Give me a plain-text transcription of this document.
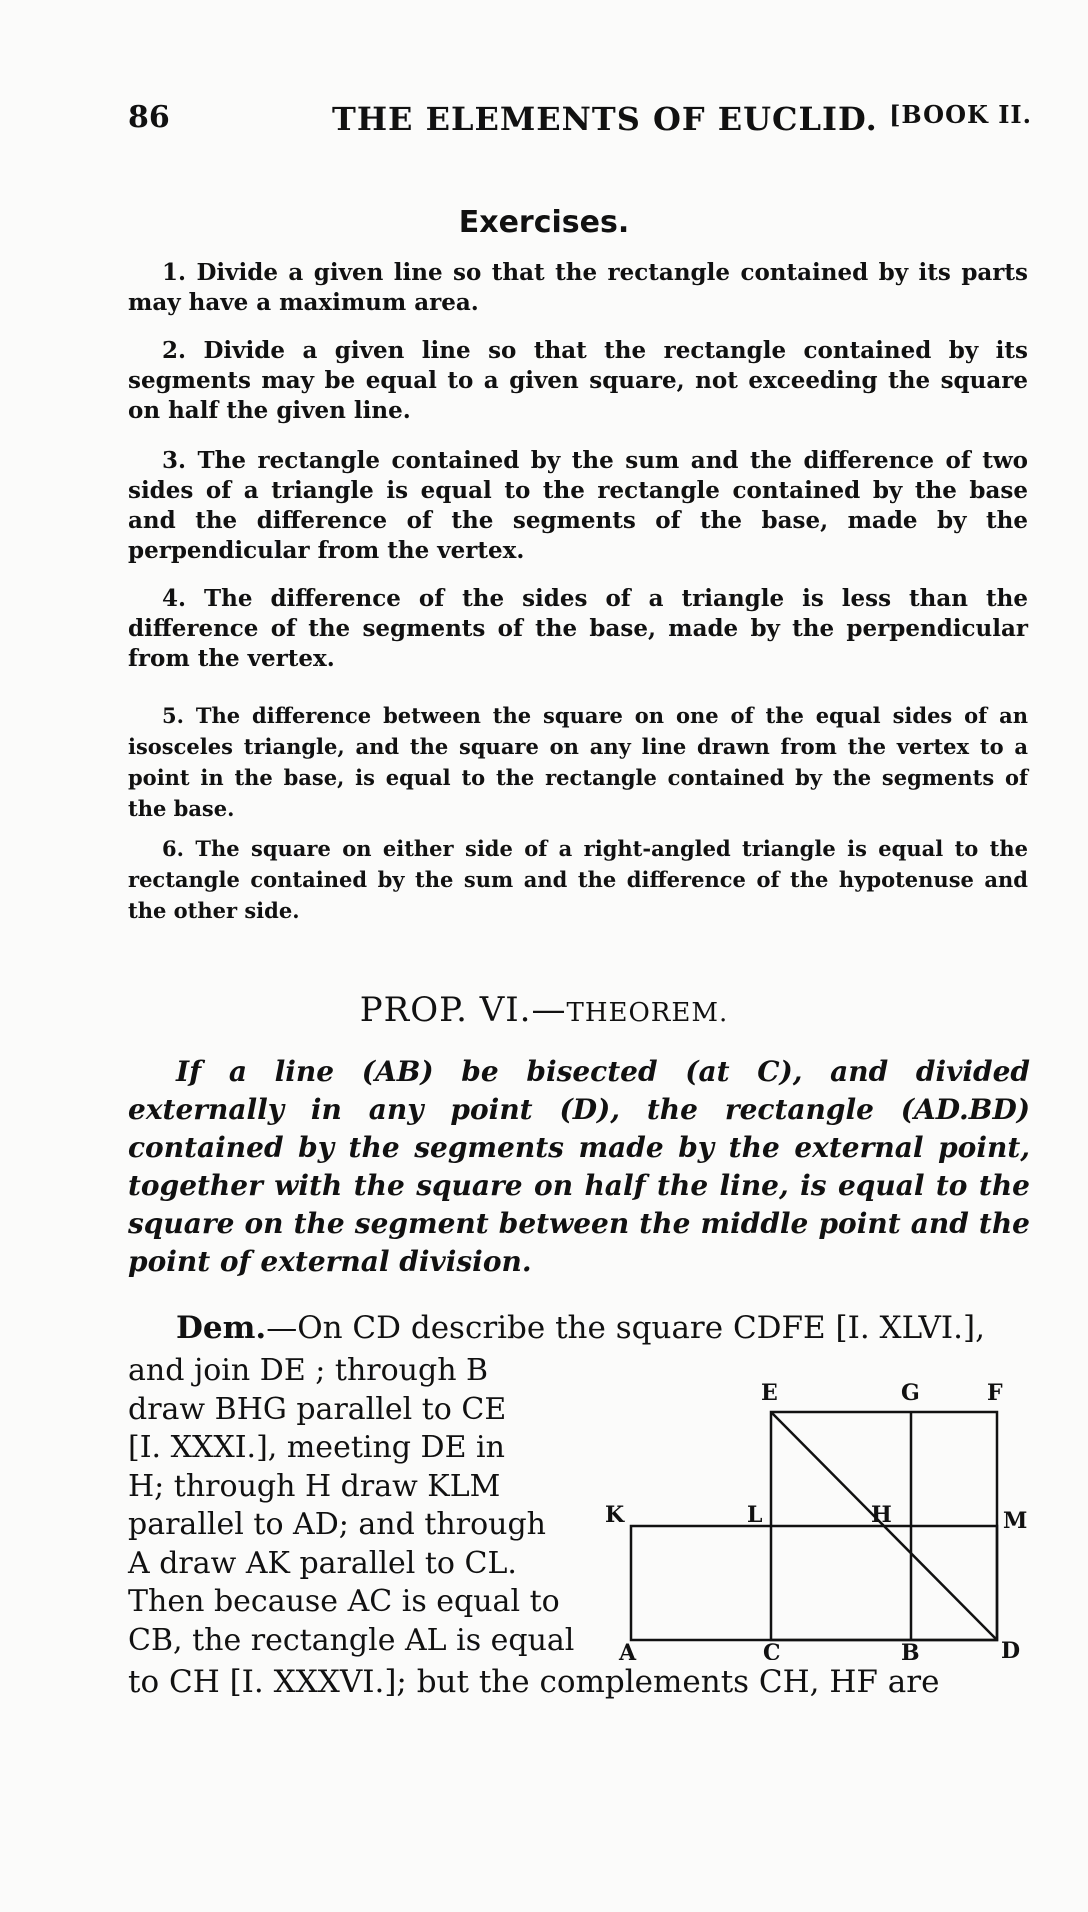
86	THE ELEMENTS OF EUCLID. [BOOK II.
Exercises.
1. Divide a given line so that the rectangle contained by its parts may have a maximum area.
2. Divide a given line so that the rectangle contained by its segments may be equal to a given square, not exceeding the square on half the given line.
3. The rectangle contained by the sum and the difference of two sides of a triangle is equal to the rectangle contained by the base and the difference of the segments of the base, made by the perpendicular from the vertex.
4. The difference of the sides of a triangle is less than the difference of the segments of the base, made by the perpendicular from the vertex.
5. The difference between the square on one of the equal sides of an isosceles triangle, and the square on any line drawn from the vertex to a point in the base, is equal to the rectangle contained by the segments of the base.
6. The square on either side of a right-angled triangle is equal to the rectangle contained by the sum and the difference of the hypotenuse and the other side.
PROP. VI.—THEOREM.
If a line (AB) be bisected (at C), and divided externally in any point (D), the rectangle (AD.BD) contained by the segments made by the external point, together with the square on half the line, is equal to the square on the segment between the middle point and the point of external division.
Dem.—On CD describe the square CDFE [I. XLVI.],
and join DE ; through B
draw BHG parallel to CE
[I. XXXI.], meeting DE in
H; through H draw KLM
parallel to AD; and through
A draw AK parallel to CL.
Then because AC is equal to
CB, the rectangle AL is equal
to CH [I. XXXVI.]; but the complements CH, HF are
E	G	F
K	L	H	M
A	C	B	D
